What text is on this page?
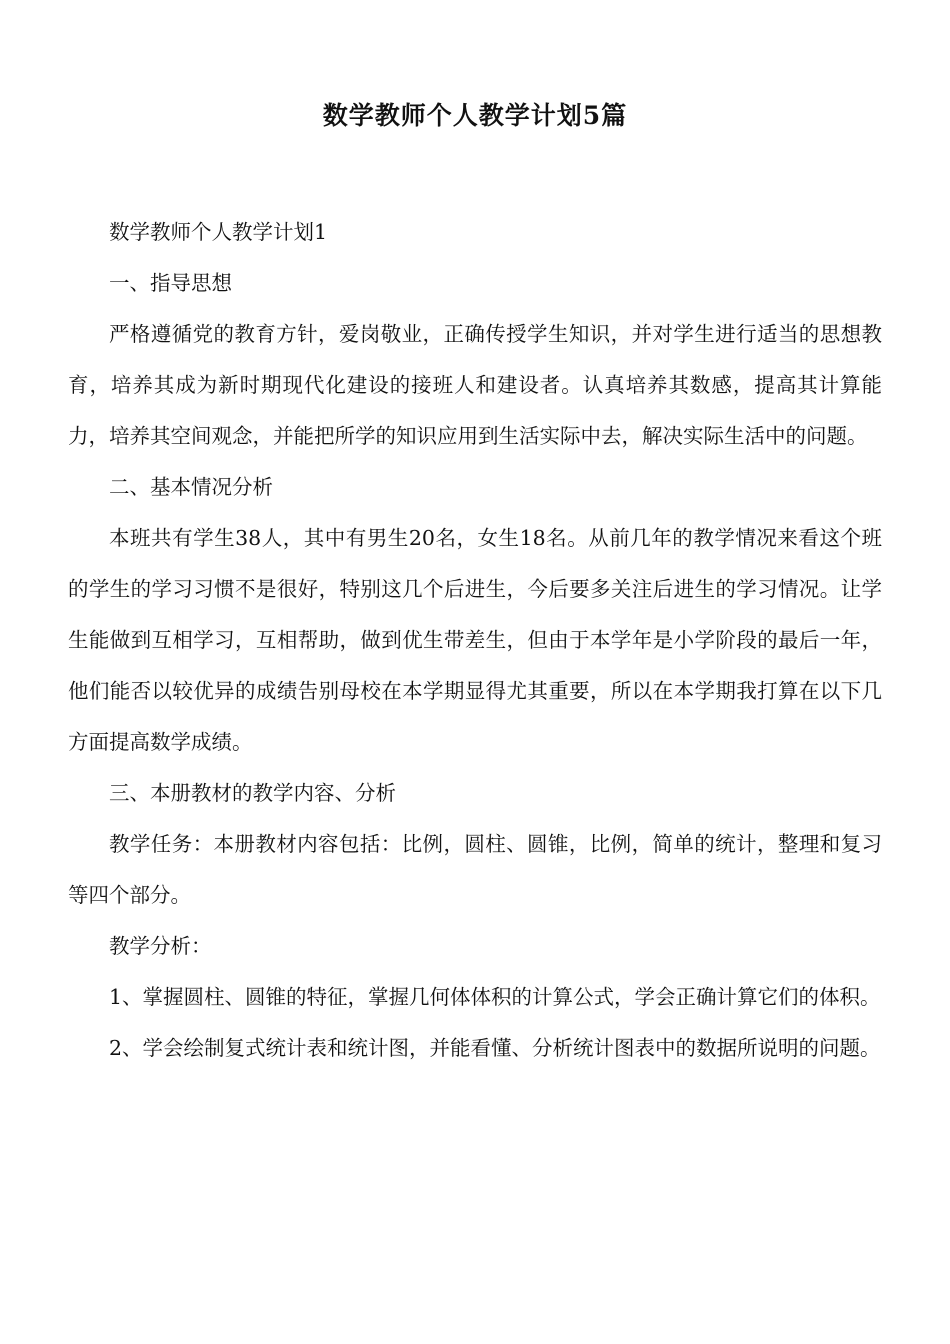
数学教师个人教学计划5篇

数学教师个人教学计划1

一、指导思想

严格遵循党的教育方针，爱岗敬业，正确传授学生知识，并对学生进行适当的思想教育，培养其成为新时期现代化建设的接班人和建设者。认真培养其数感，提高其计算能力，培养其空间观念，并能把所学的知识应用到生活实际中去，解决实际生活中的问题。

二、基本情况分析

本班共有学生38人，其中有男生20名，女生18名。从前几年的教学情况来看这个班的学生的学习习惯不是很好，特别这几个后进生，今后要多关注后进生的学习情况。让学生能做到互相学习，互相帮助，做到优生带差生，但由于本学年是小学阶段的最后一年，他们能否以较优异的成绩告别母校在本学期显得尤其重要，所以在本学期我打算在以下几方面提高数学成绩。

三、本册教材的教学内容、分析

教学任务：本册教材内容包括：比例，圆柱、圆锥，比例，简单的统计，整理和复习等四个部分。

教学分析：

1、掌握圆柱、圆锥的特征，掌握几何体体积的计算公式，学会正确计算它们的体积。

2、学会绘制复式统计表和统计图，并能看懂、分析统计图表中的数据所说明的问题。
